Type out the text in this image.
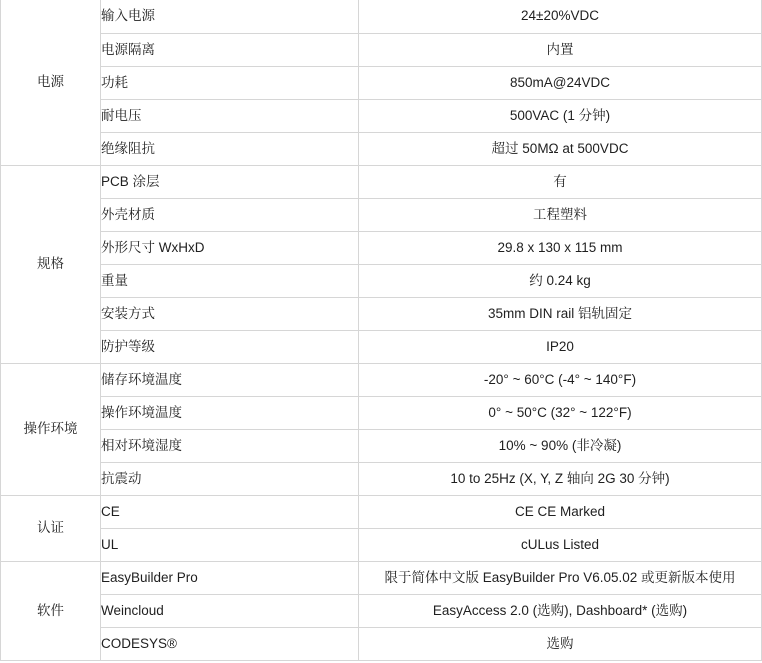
电源	输入电源	24±20%VDC
	电源隔离	内置
	功耗	850mA@24VDC
	耐电压	500VAC (1 分钟)
	绝缘阻抗	超过 50MΩ at 500VDC
规格	PCB 涂层	有
	外壳材质	工程塑料
	外形尺寸 WxHxD	29.8 x 130 x 115 mm
	重量	约 0.24 kg
	安装方式	35mm DIN rail 铝轨固定
	防护等级	IP20
操作环境	储存环境温度	-20° ~ 60°C (-4° ~ 140°F)
	操作环境温度	0° ~ 50°C (32° ~ 122°F)
	相对环境湿度	10% ~ 90% (非冷凝)
	抗震动	10 to 25Hz (X, Y, Z 轴向 2G 30 分钟)
认证	CE	CE CE Marked
	UL	cULus Listed
软件	EasyBuilder Pro	限于简体中文版 EasyBuilder Pro V6.05.02 或更新版本使用
	Weincloud	EasyAccess 2.0 (选购), Dashboard* (选购)
	CODESYS®	选购
